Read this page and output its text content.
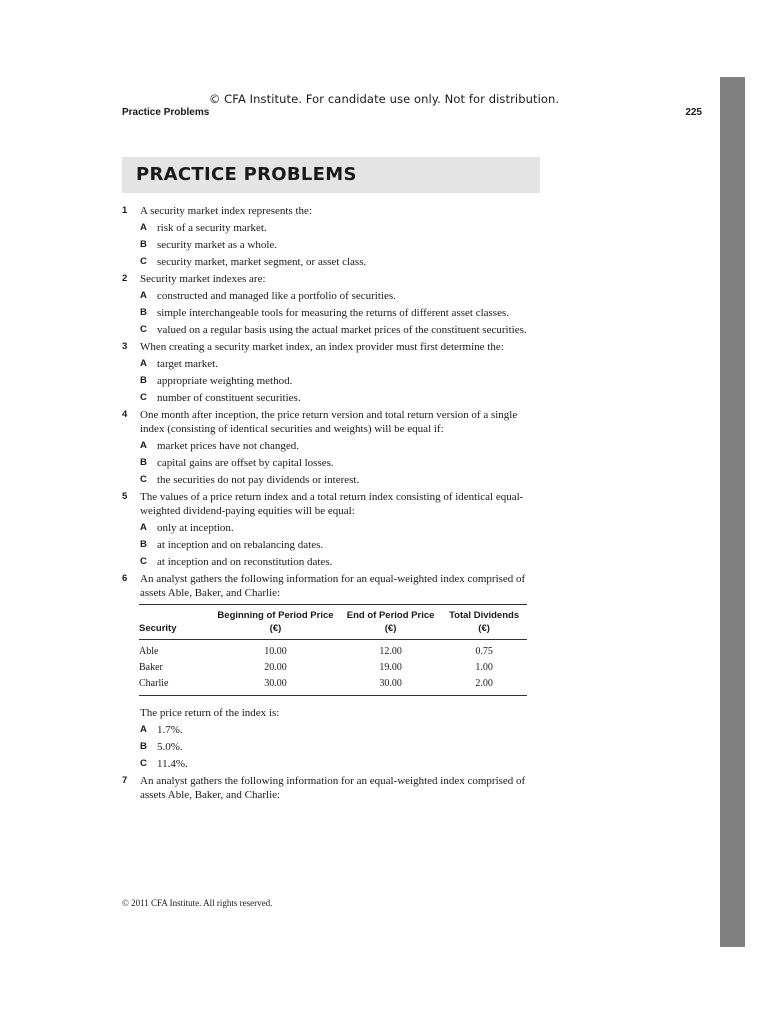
© CFA Institute. For candidate use only. Not for distribution.
Practice Problems	225
PRACTICE PROBLEMS
1 A security market index represents the:
A risk of a security market.
B security market as a whole.
C security market, market segment, or asset class.
2 Security market indexes are:
A constructed and managed like a portfolio of securities.
B simple interchangeable tools for measuring the returns of different asset classes.
C valued on a regular basis using the actual market prices of the constituent securities.
3 When creating a security market index, an index provider must first determine the:
A target market.
B appropriate weighting method.
C number of constituent securities.
4 One month after inception, the price return version and total return version of a single index (consisting of identical securities and weights) will be equal if:
A market prices have not changed.
B capital gains are offset by capital losses.
C the securities do not pay dividends or interest.
5 The values of a price return index and a total return index consisting of identical equal-weighted dividend-paying equities will be equal:
A only at inception.
B at inception and on rebalancing dates.
C at inception and on reconstitution dates.
6 An analyst gathers the following information for an equal-weighted index comprised of assets Able, Baker, and Charlie:
Security	Beginning of Period Price (€)	End of Period Price (€)	Total Dividends (€)
Able	10.00	12.00	0.75
Baker	20.00	19.00	1.00
Charlie	30.00	30.00	2.00
The price return of the index is:
A 1.7%.
B 5.0%.
C 11.4%.
7 An analyst gathers the following information for an equal-weighted index comprised of assets Able, Baker, and Charlie:
© 2011 CFA Institute. All rights reserved.
